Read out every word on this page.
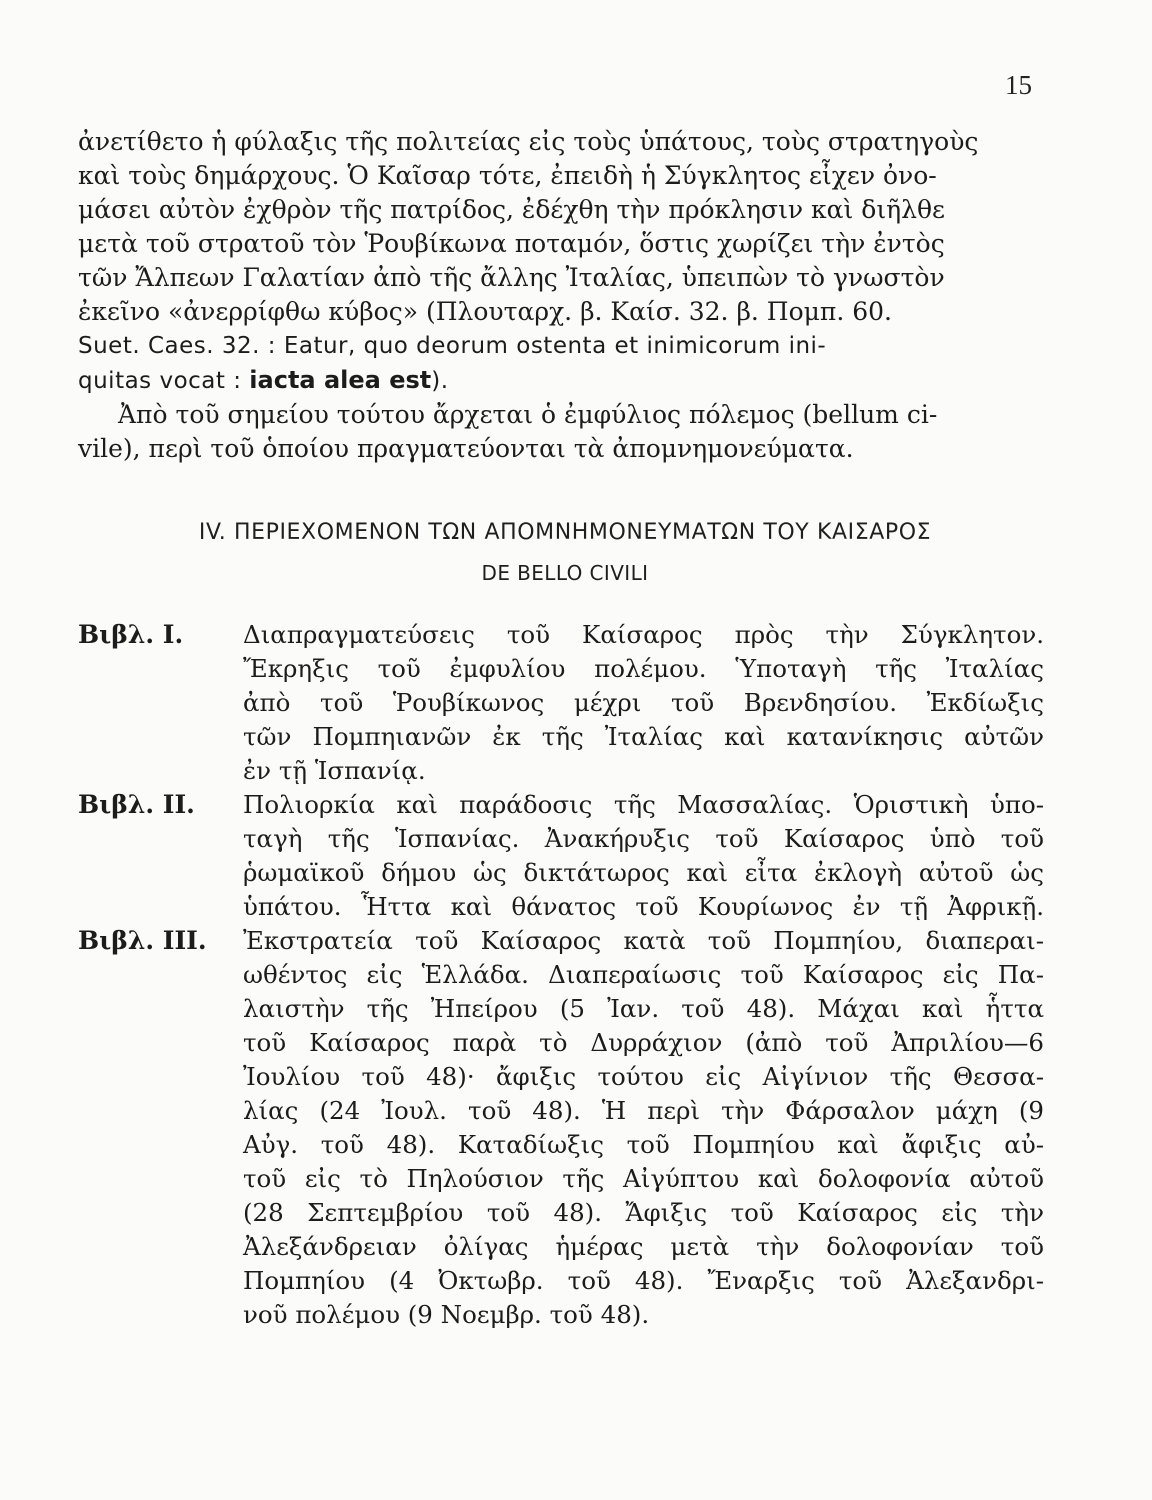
15

ἀνετίθετο ἡ φύλαξις τῆς πολιτείας εἰς τοὺς ὑπάτους, τοὺς στρατηγοὺς
καὶ τοὺς δημάρχους. Ὁ Καῖσαρ τότε, ἐπειδὴ ἡ Σύγκλητος εἶχεν ὀνο-
μάσει αὐτὸν ἐχθρὸν τῆς πατρίδος, ἐδέχθη τὴν πρόκλησιν καὶ διῆλθε
μετὰ τοῦ στρατοῦ τὸν Ῥουβίκωνα ποταμόν, ὅστις χωρίζει τὴν ἐντὸς
τῶν Ἄλπεων Γαλατίαν ἀπὸ τῆς ἄλλης Ἰταλίας, ὑπειπὼν τὸ γνωστὸν
ἐκεῖνο «ἀνερρίφθω κύβος» (Πλουταρχ. β. Καίσ. 32. β. Πομπ. 60.
Suet. Caes. 32. : Eatur, quo deorum ostenta et inimicorum ini-
quitas vocat : iacta alea est).

Ἀπὸ τοῦ σημείου τούτου ἄρχεται ὁ ἐμφύλιος πόλεμος (bellum ci-

vile), περὶ τοῦ ὁποίου πραγματεύονται τὰ ἀπομνημονεύματα.

IV. ΠΕΡΙΕΧΟΜΕΝΟΝ ΤΩΝ ΑΠΟΜΝΗΜΟΝΕΥΜΑΤΩΝ ΤΟΥ ΚΑΙΣΑΡΟΣ
DE BELLO CIVILI
Βιβλ. Ι.	Διαπραγματεύσεις τοῦ Καίσαρος πρὸς τὴν Σύγκλητον.
Ἔκρηξις τοῦ ἐμφυλίου πολέμου. Ὑποταγὴ τῆς Ἰταλίας
ἀπὸ τοῦ Ῥουβίκωνος μέχρι τοῦ Βρενδησίου. Ἐκδίωξις
τῶν Πομπηιανῶν ἐκ τῆς Ἰταλίας καὶ κατανίκησις αὐτῶν
ἐν τῇ Ἱσπανίᾳ.
Βιβλ. ΙΙ.	Πολιορκία καὶ παράδοσις τῆς Μασσαλίας. Ὁριστικὴ ὑπο-
ταγὴ τῆς Ἱσπανίας. Ἀνακήρυξις τοῦ Καίσαρος ὑπὸ τοῦ
ῥωμαϊκοῦ δήμου ὡς δικτάτωρος καὶ εἶτα ἐκλογὴ αὐτοῦ ὡς
ὑπάτου. Ἧττα καὶ θάνατος τοῦ Κουρίωνος ἐν τῇ Ἀφρικῇ.
Βιβλ. ΙΙΙ.	Ἐκστρατεία τοῦ Καίσαρος κατὰ τοῦ Πομπηίου, διαπεραι-
ωθέντος εἰς Ἑλλάδα. Διαπεραίωσις τοῦ Καίσαρος εἰς Πα-
λαιστὴν τῆς Ἠπείρου (5 Ἰαν. τοῦ 48). Μάχαι καὶ ἧττα
τοῦ Καίσαρος παρὰ τὸ Δυρράχιον (ἀπὸ τοῦ Ἀπριλίου—6
Ἰουλίου τοῦ 48)· ἄφιξις τούτου εἰς Αἰγίνιον τῆς Θεσσα-
λίας (24 Ἰουλ. τοῦ 48). Ἡ περὶ τὴν Φάρσαλον μάχη (9
Αὐγ. τοῦ 48). Καταδίωξις τοῦ Πομπηίου καὶ ἄφιξις αὐ-
τοῦ εἰς τὸ Πηλούσιον τῆς Αἰγύπτου καὶ δολοφονία αὐτοῦ
(28 Σεπτεμβρίου τοῦ 48). Ἄφιξις τοῦ Καίσαρος εἰς τὴν
Ἀλεξάνδρειαν ὀλίγας ἡμέρας μετὰ τὴν δολοφονίαν τοῦ
Πομπηίου (4 Ὀκτωβρ. τοῦ 48). Ἔναρξις τοῦ Ἀλεξανδρι-
νοῦ πολέμου (9 Νοεμβρ. τοῦ 48).
